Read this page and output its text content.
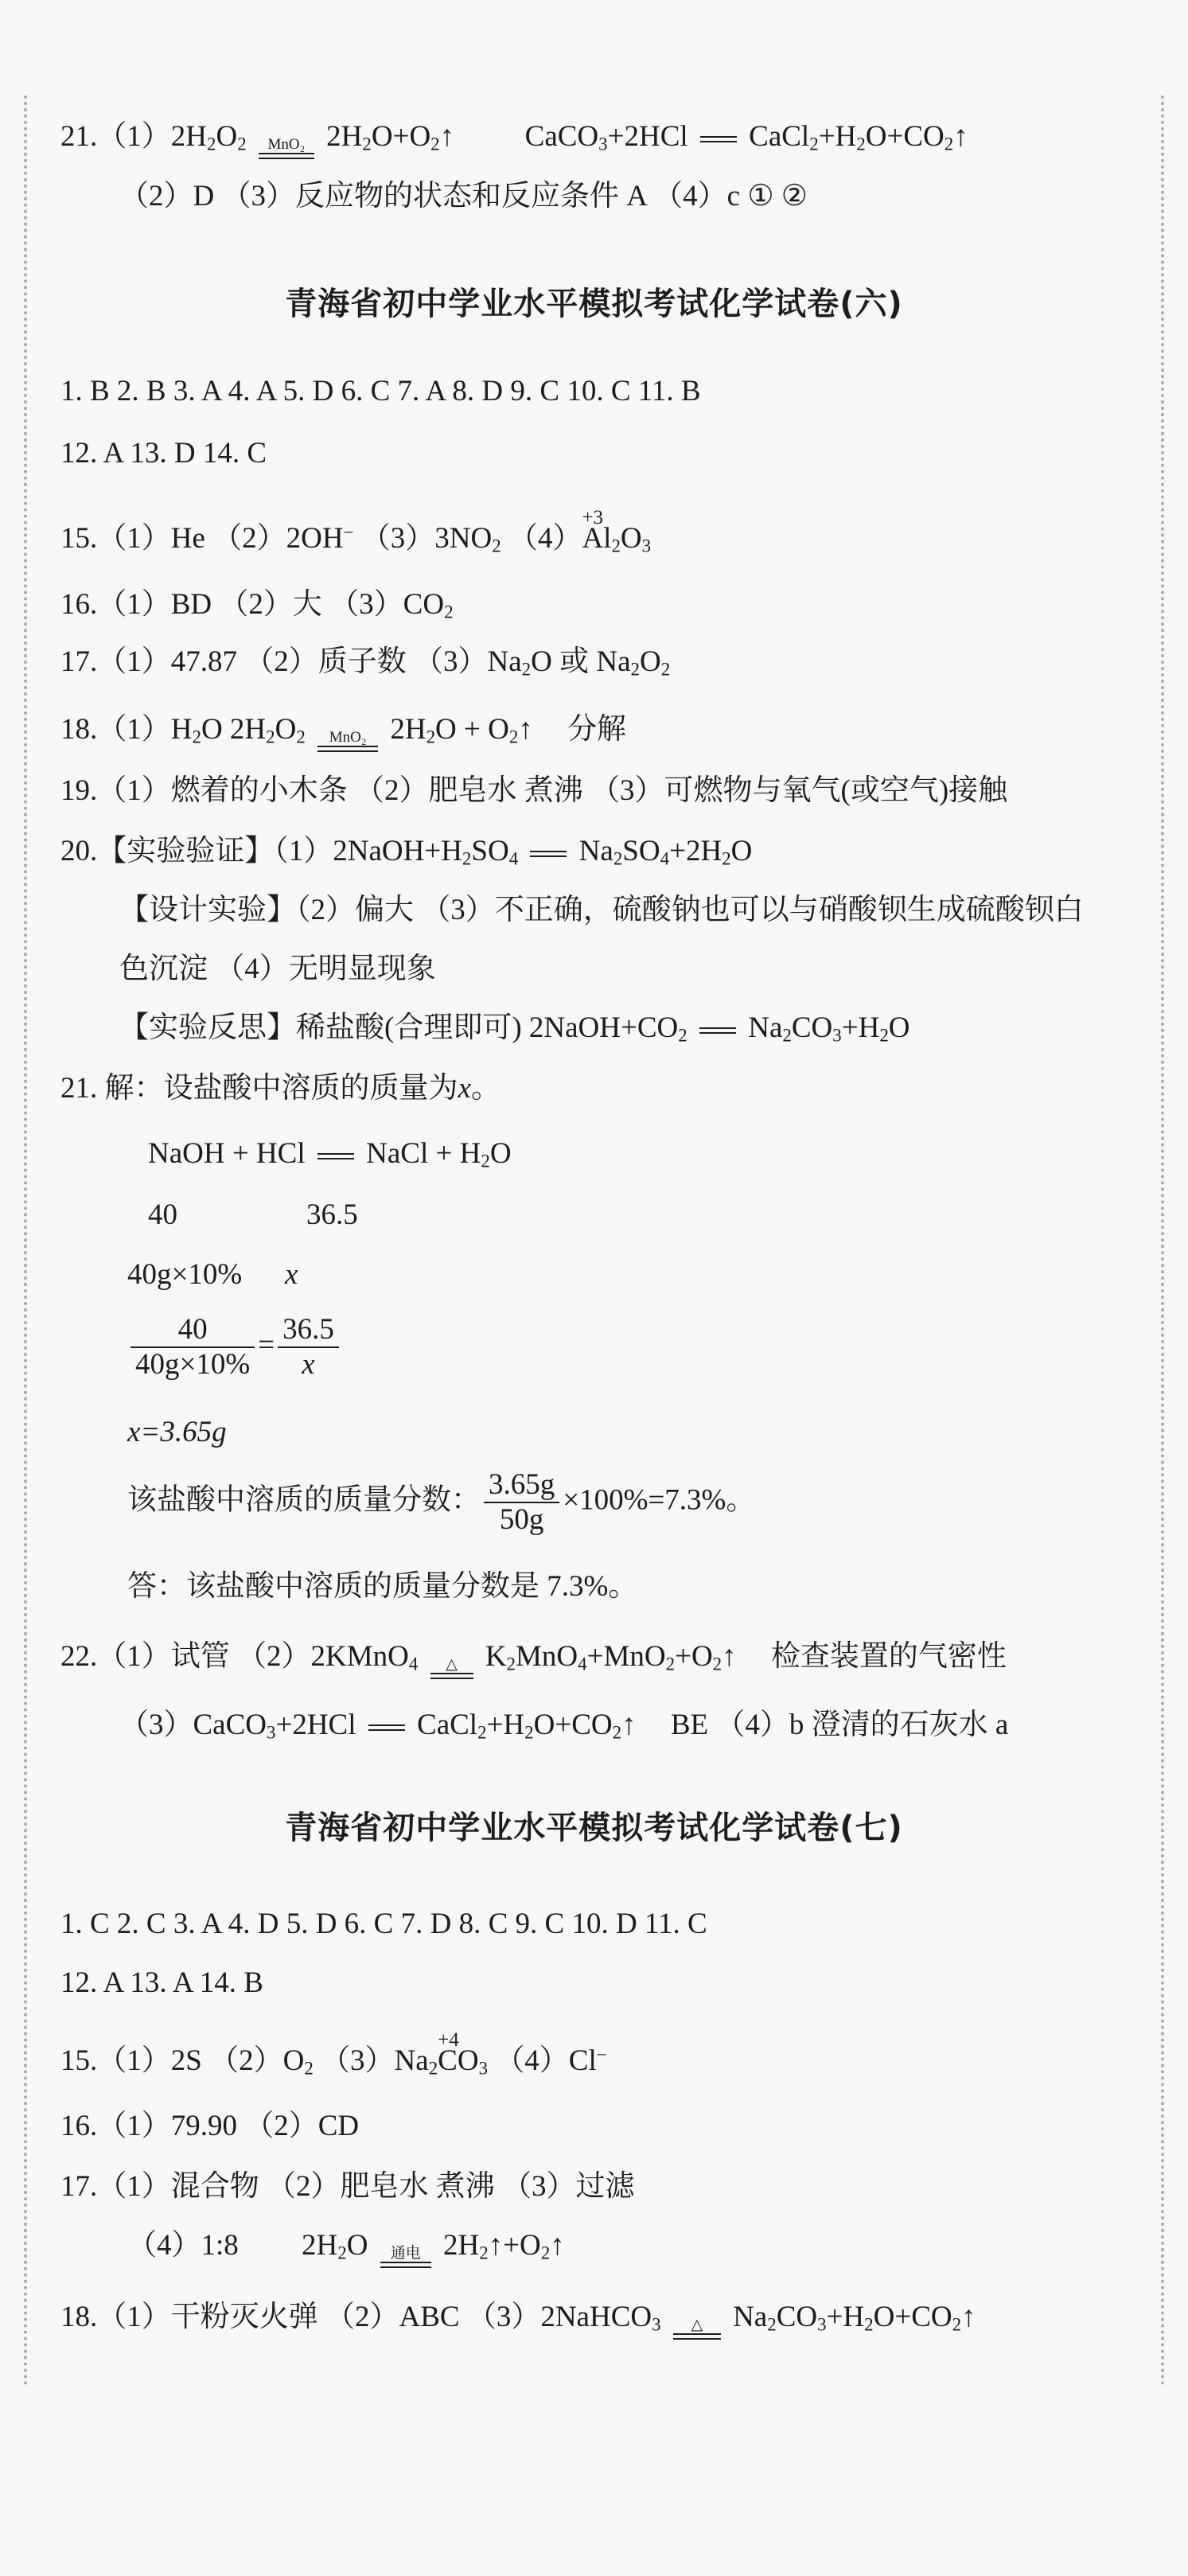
$21.(1)2H_2O_2$	MnO₂ $2H_2O+O_2↑$  CaCO$_3$+2HCl $CaCl_2+H_2O+CO_2↑$
（2）D （3）反应物的状态和反应条件 A （4）c ① ②
青海省初中学业水平模拟考试化学试卷(六)
1. B 2. B 3. A 4. A 5. D 6. C 7. A 8. D 9. C 10. C 11. B
12. A 13. D 14. C
15.（1）He （2）2OH− $(3)3NO_2$ （4）
+3
$Al_2O_3$
16.（1）BD （2）大 $(3)CO_2$
17.（1）47.87 （2）质子数 $(3)Na_2O$ 或 $Na_2O_2$
$18.(1)H_2O$ $2H_2O_2$	MnO₂ $2H_2O$ + $O_2↑$ 分解
19.（1）燃着的小木条 （2）肥皂水 煮沸 （3）可燃物与氧气(或空气)接触
20.【实验验证】$(1)2NaOH+H_2SO_4$ $Na_2SO_4+2H_2O$
【设计实验】（2）偏大 （3）不正确，硫酸钠也可以与硝酸钡生成硫酸钡白
色沉淀 （4）无明显现象
【实验反思】稀盐酸(合理即可) $2NaOH+CO_2$ $Na_2CO_3+H_2O$
21. 解：设盐酸中溶质的质量为x。
NaOH + HCl NaCl + $H_2O$
40	36.5
40g×10% x
$\frac{40}{40g\times 10\%} = \frac{36.5}{x}$
x=3.65g
该盐酸中溶质的质量分数： $\frac{3.65g}{50g} \times 100\%=7.3\%$。
答：该盐酸中溶质的质量分数是 7.3%。
22.（1）试管 （2）2KMnO$_4$	△ $K_2MnO_4+MnO_2+O_2↑$ 检查装置的气密性
（3）CaCO$_3$+2HCl $CaCl_2+H_2O+CO_2↑$ BE （4）b 澄清的石灰水 a
青海省初中学业水平模拟考试化学试卷(七)
1. C 2. C 3. A 4. D 5. D 6. C 7. D 8. C 9. C 10. D 11. C
12. A 13. A 14. B
15.（1）2S $(2)O_2$ $(3)Na_2$
+4
$CO_3$ （4）Cl−
16.（1）79.90 （2）CD
17.（1）混合物 （2）肥皂水 煮沸 （3）过滤
（4）1:8 $2H_2O$	通电 $2H_2↑+O_2↑$
18.（1）干粉灭火弹 （2）ABC （3）2NaHCO$_3$	△	$Na_2CO_3+H_2O+CO_2↑$
